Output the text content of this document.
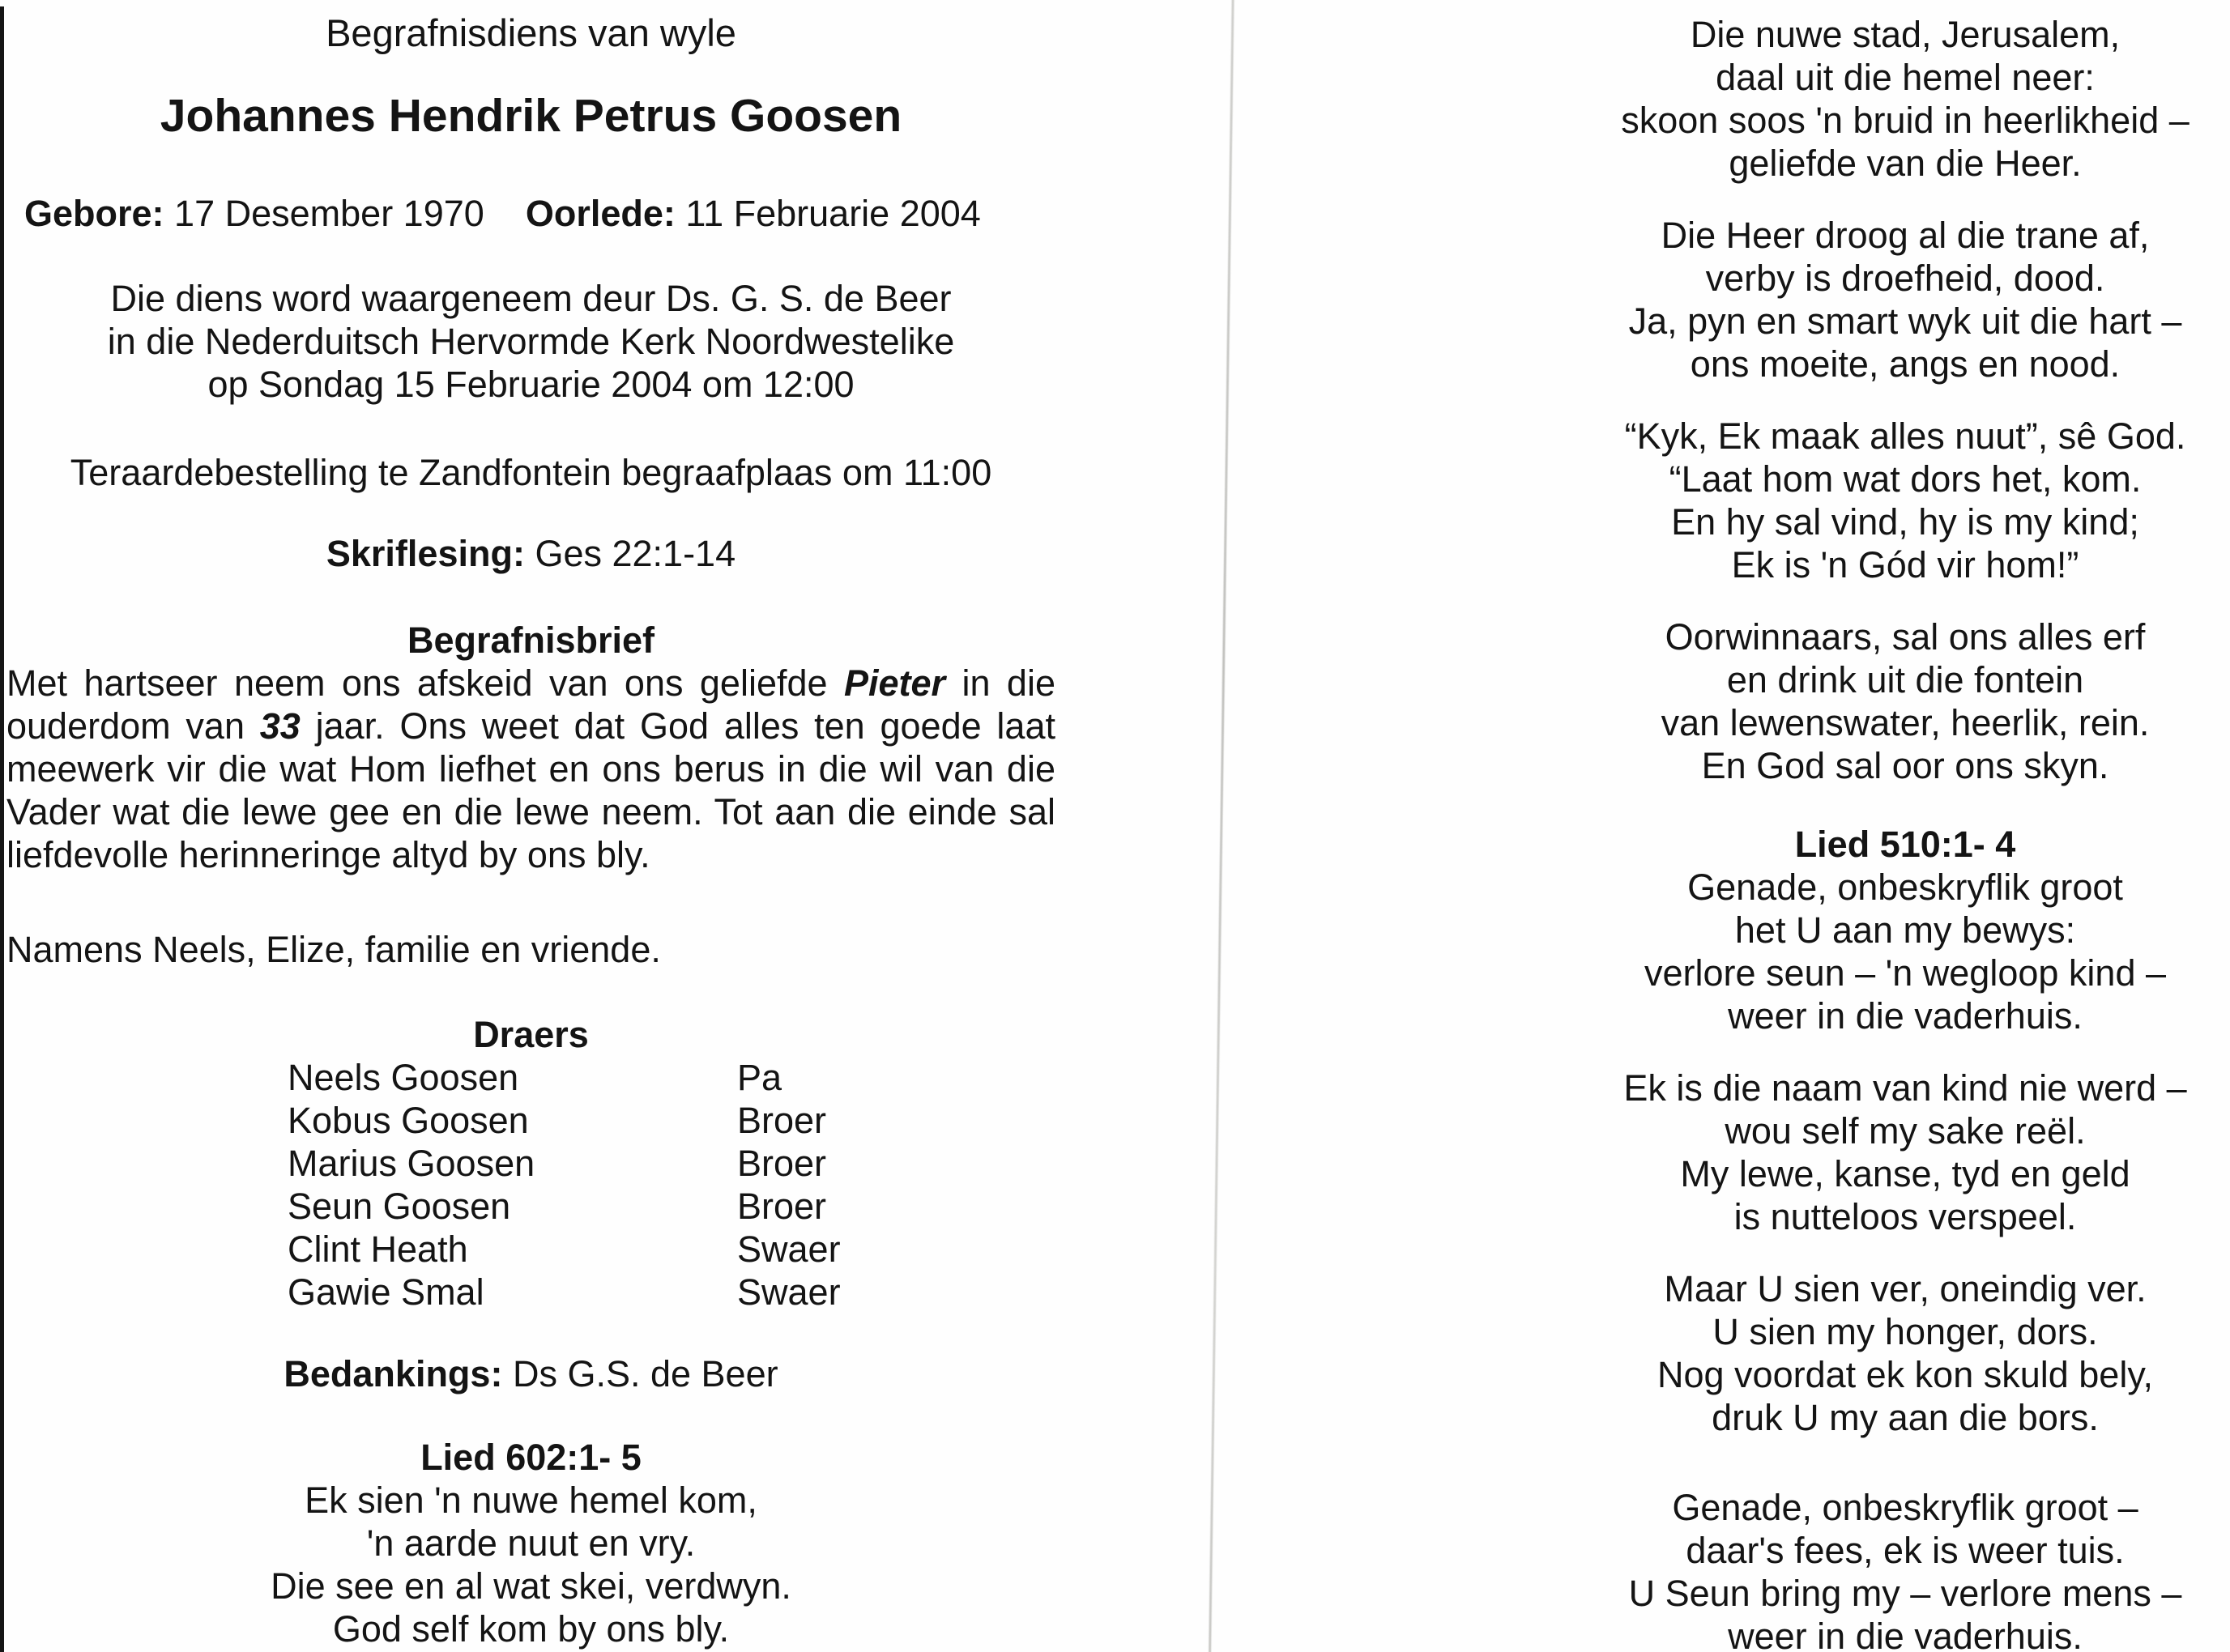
Begrafnisdiens van wyle
Johannes Hendrik Petrus Goosen
Gebore: 17 Desember 1970 Oorlede: 11 Februarie 2004
Die diens word waargeneem deur Ds. G. S. de Beer
in die Nederduitsch Hervormde Kerk Noordwestelike
op Sondag 15 Februarie 2004 om 12:00
Teraardebestelling te Zandfontein begraafplaas om 11:00
Skriflesing: Ges 22:1-14
Begrafnisbrief
Met hartseer neem ons afskeid van ons geliefde Pieter in die ouderdom van 33 jaar. Ons weet dat God alles ten goede laat meewerk vir die wat Hom liefhet en ons berus in die wil van die Vader wat die lewe gee en die lewe neem. Tot aan die einde sal liefdevolle herinneringe altyd by ons bly.
Namens Neels, Elize, familie en vriende.
Draers
Neels Goosen	Pa
Kobus Goosen	Broer
Marius Goosen	Broer
Seun Goosen	Broer
Clint Heath	Swaer
Gawie Smal	Swaer
Bedankings: Ds G.S. de Beer
Lied 602:1- 5
Ek sien 'n nuwe hemel kom,
'n aarde nuut en vry.
Die see en al wat skei, verdwyn.
God self kom by ons bly.
Die nuwe stad, Jerusalem,
daal uit die hemel neer:
skoon soos 'n bruid in heerlikheid –
geliefde van die Heer.
Die Heer droog al die trane af,
verby is droefheid, dood.
Ja, pyn en smart wyk uit die hart –
ons moeite, angs en nood.
“Kyk, Ek maak alles nuut”, sê God.
“Laat hom wat dors het, kom.
En hy sal vind, hy is my kind;
Ek is 'n Gód vir hom!”
Oorwinnaars, sal ons alles erf
en drink uit die fontein
van lewenswater, heerlik, rein.
En God sal oor ons skyn.
Lied 510:1- 4
Genade, onbeskryflik groot
het U aan my bewys:
verlore seun – 'n wegloop kind –
weer in die vaderhuis.
Ek is die naam van kind nie werd –
wou self my sake reël.
My lewe, kanse, tyd en geld
is nutteloos verspeel.
Maar U sien ver, oneindig ver.
U sien my honger, dors.
Nog voordat ek kon skuld bely,
druk U my aan die bors.
Genade, onbeskryflik groot –
daar's fees, ek is weer tuis.
U Seun bring my – verlore mens –
weer in die vaderhuis.
